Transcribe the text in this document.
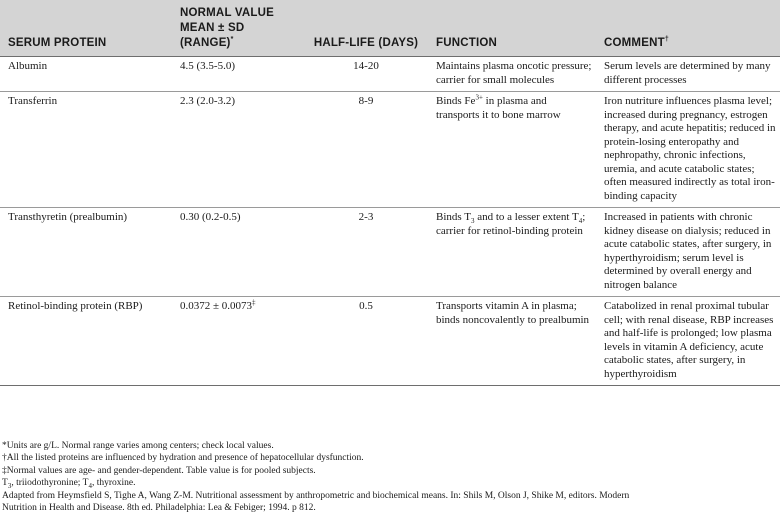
SERUM PROTEIN	NORMAL VALUE
MEAN ± SD
(RANGE)*	HALF-LIFE (DAYS)	FUNCTION	COMMENT†
Albumin	4.5 (3.5-5.0)	14-20	Maintains plasma oncotic pressure; carrier for small molecules	Serum levels are determined by many different processes
Transferrin	2.3 (2.0-3.2)	8-9	Binds $Fe^{3+}$ in plasma and transports it to bone marrow	Iron nutriture influences plasma level; increased during pregnancy, estrogen therapy, and acute hepatitis; reduced in protein-losing enteropathy and nephropathy, chronic infections, uremia, and acute catabolic states; often measured indirectly as total iron-binding capacity
Transthyretin (prealbumin)	0.30 (0.2-0.5)	2-3	Binds $T_3$ and to a lesser extent $T_4$; carrier for retinol-binding protein	Increased in patients with chronic kidney disease on dialysis; reduced in acute catabolic states, after surgery, in hyperthyroidism; serum level is determined by overall energy and nitrogen balance
Retinol-binding protein (RBP)	0.0372 ± 0.0073‡	0.5	Transports vitamin A in plasma; binds noncovalently to prealbumin	Catabolized in renal proximal tubular cell; with renal disease, RBP increases and half-life is prolonged; low plasma levels in vitamin A deficiency, acute catabolic states, after surgery, in hyperthyroidism
*Units are g/L. Normal range varies among centers; check local values.
†All the listed proteins are influenced by hydration and presence of hepatocellular dysfunction.
‡Normal values are age- and gender-dependent. Table value is for pooled subjects.
$T_3$, triiodothyronine; $T_4$, thyroxine.
Adapted from Heymsfield S, Tighe A, Wang Z-M. Nutritional assessment by anthropometric and biochemical means. In: Shils M, Olson J, Shike M, editors. Modern
Nutrition in Health and Disease. 8th ed. Philadelphia: Lea & Febiger; 1994. p 812.
